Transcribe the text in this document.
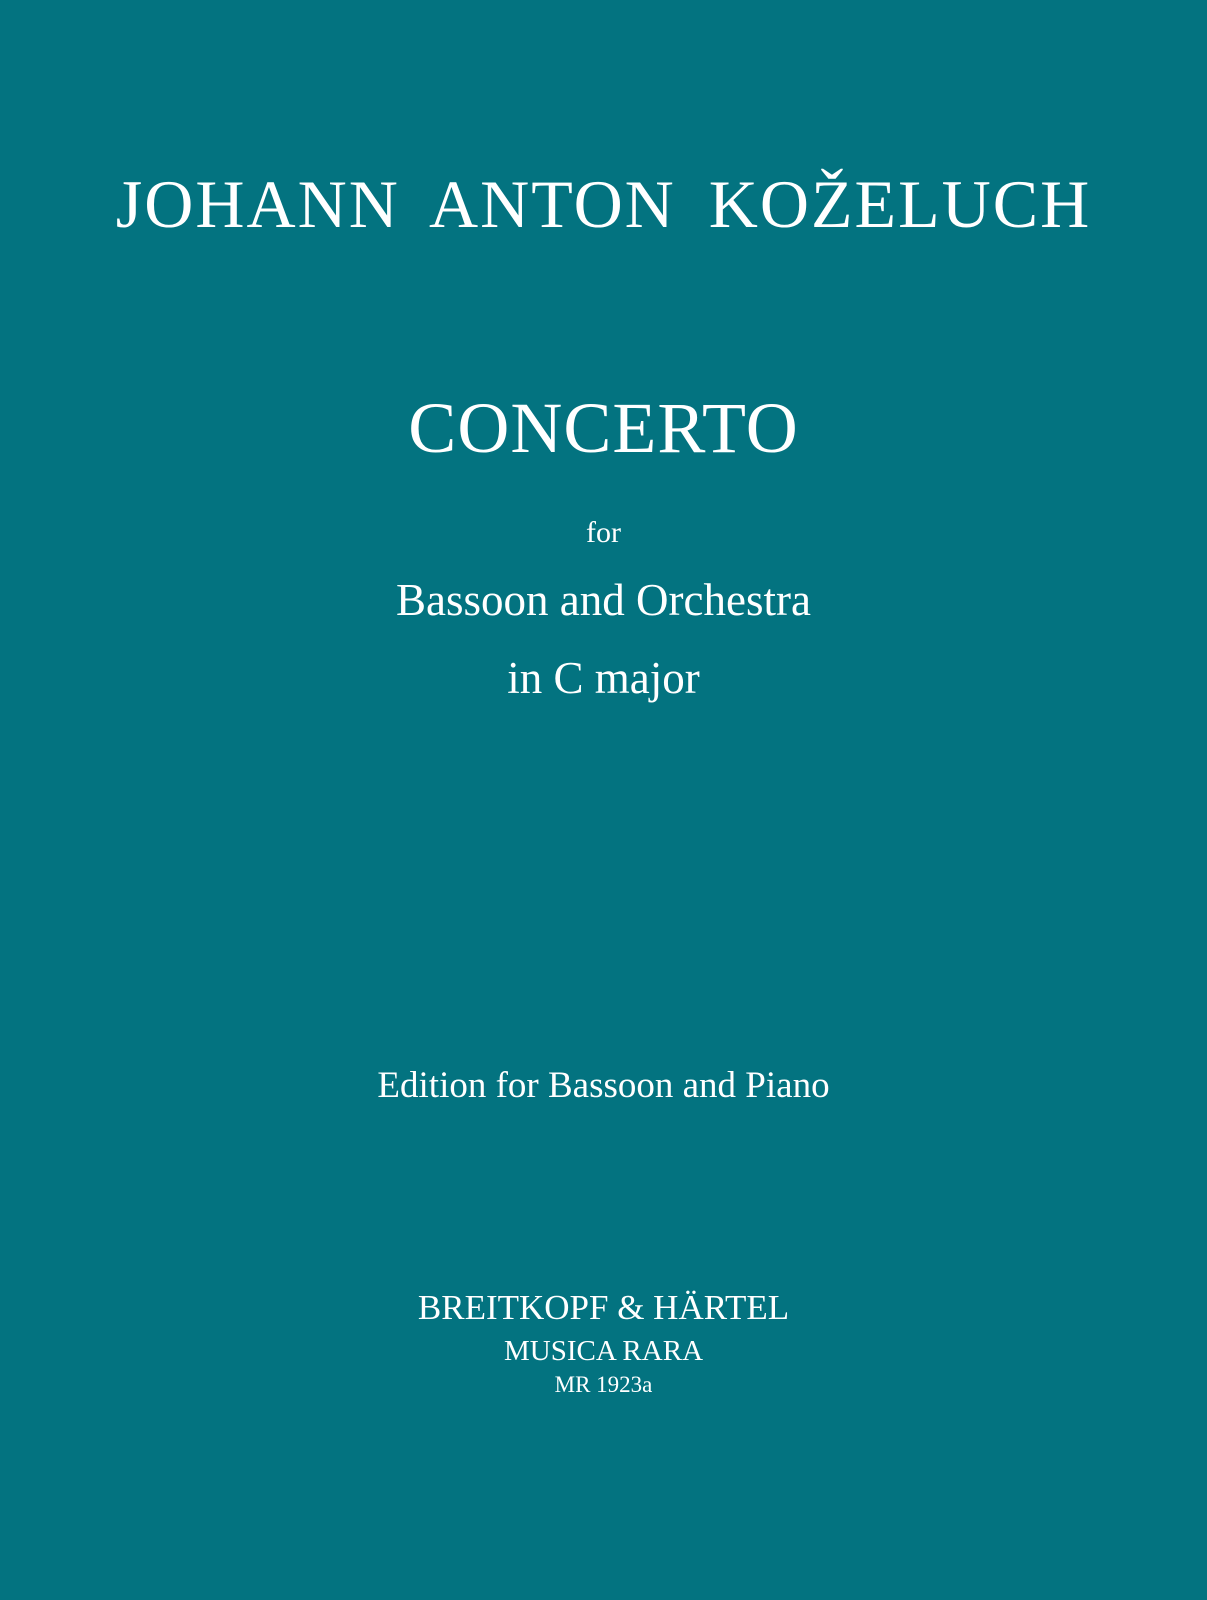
JOHANN ANTON KOŽELUCH
CONCERTO
for
Bassoon and Orchestra
in C major
Edition for Bassoon and Piano
BREITKOPF & HÄRTEL
MUSICA RARA
MR 1923a
